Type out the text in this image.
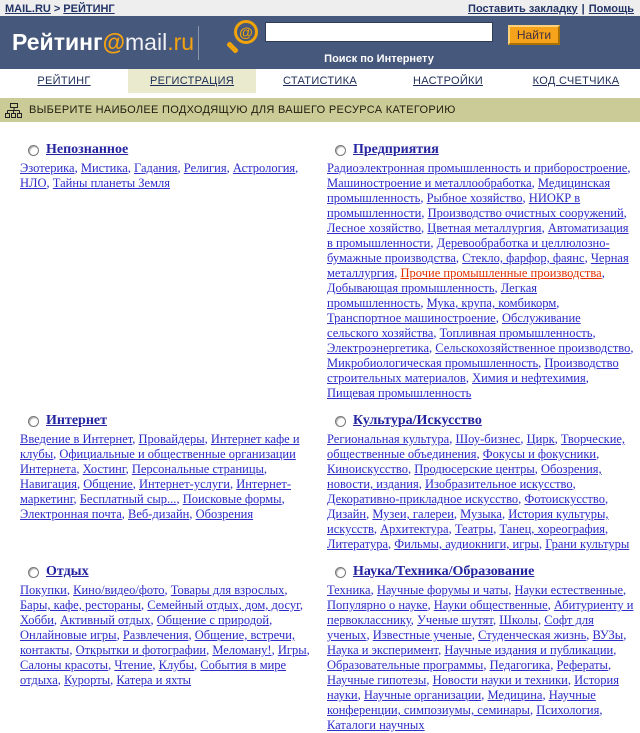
MAIL.RU > РЕЙТИНГ	Поставить закладку | Помощь
Рейтинг@mail.ru	@	Найти
Поиск по Интернету
РЕЙТИНГ	РЕГИСТРАЦИЯ	СТАТИСТИКА	НАСТРОЙКИ	КОД СЧЕТЧИКА
ВЫБЕРИТЕ НАИБОЛЕЕ ПОДХОДЯЩУЮ ДЛЯ ВАШЕГО РЕСУРСА КАТЕГОРИЮ
Непознанное
Эзотерика, Мистика, Гадания, Религия, Астрология, НЛО, Тайны планеты Земля
Предприятия
Радиоэлектронная промышленность и приборостроение, Машиностроение и металлообработка, Медицинская промышленность, Рыбное хозяйство, НИОКР в промышленности, Производство очистных сооружений, Лесное хозяйство, Цветная металлургия, Автоматизация в промышленности, Деревообработка и целлюлозно-бумажные производства, Стекло, фарфор, фаянс, Черная металлургия, Прочие промышленные производства, Добывающая промышленность, Легкая промышленность, Мука, крупа, комбикорм, Транспортное машиностроение, Обслуживание сельского хозяйства, Топливная промышленность, Электроэнергетика, Сельскохозяйственное производство, Микробиологическая промышленность, Производство строительных материалов, Химия и нефтехимия, Пищевая промышленность
Интернет
Введение в Интернет, Провайдеры, Интернет кафе и клубы, Официальные и общественные организации Интернета, Хостинг, Персональные страницы, Навигация, Общение, Интернет-услуги, Интернет-маркетинг, Бесплатный сыр..., Поисковые формы, Электронная почта, Веб-дизайн, Обозрения
Культура/Искусство
Региональная культура, Шоу-бизнес, Цирк, Творческие, общественные объединения, Фокусы и фокусники, Киноискусство, Продюсерские центры, Обозрения, новости, издания, Изобразительное искусство, Декоративно-прикладное искусство, Фотоискусство, Дизайн, Музеи, галереи, Музыка, История культуры, искусств, Архитектура, Театры, Танец, хореография, Литература, Фильмы, аудиокниги, игры, Грани культуры
Отдых
Покупки, Кино/видео/фото, Товары для взрослых, Бары, кафе, рестораны, Семейный отдых, дом, досуг, Хобби, Активный отдых, Общение с природой, Онлайновые игры, Развлечения, Общение, встречи, контакты, Открытки и фотографии, Меломану!, Игры, Салоны красоты, Чтение, Клубы, События в мире отдыха, Курорты, Катера и яхты
Наука/Техника/Образование
Техника, Научные форумы и чаты, Науки естественные, Популярно о науке, Науки общественные, Абитуриенту и первокласснику, Ученые шутят, Школы, Софт для ученых, Известные ученые, Студенческая жизнь, ВУЗы, Наука и эксперимент, Научные издания и публикации, Образовательные программы, Педагогика, Рефераты, Научные гипотезы, Новости науки и техники, История науки, Научные организации, Медицина, Научные конференции, симпозиумы, семинары, Психология, Каталоги научных
